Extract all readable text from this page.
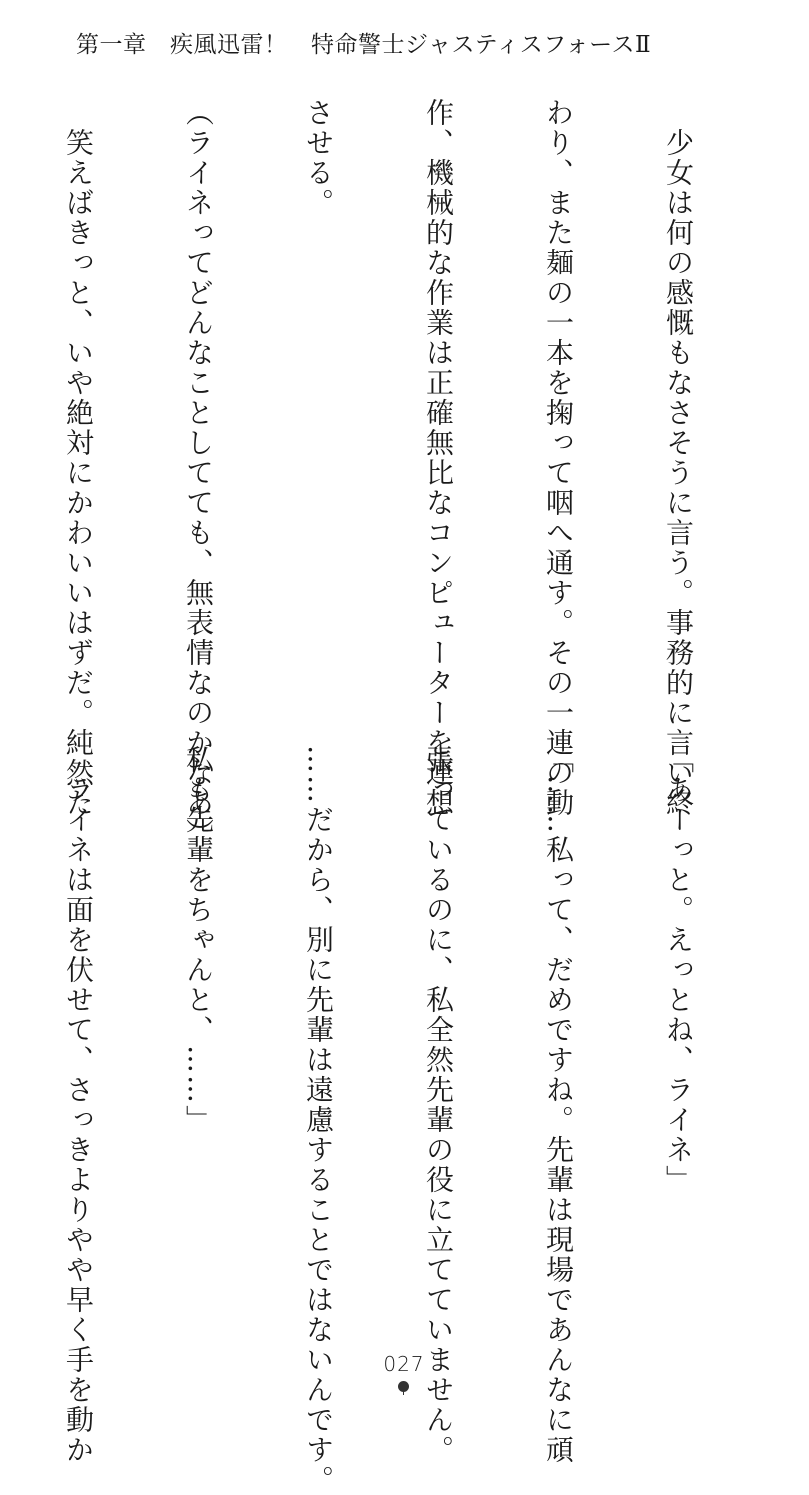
第一章　疾風迅雷！　特命警士ジャスティスフォースⅡ

　少女は何の感慨もなさそうに言う。事務的に言い終

わり、また麺の一本を掬って咽へ通す。その一連の動

作、機械的な作業は正確無比なコンピューターを連想

させる。

（ライネってどんなことしてても、無表情なのかなあ）

　笑えばきっと、いや絶対にかわいいはずだ。純然た

「あーっと。えっとね、ライネ」

「……私って、だめですね。先輩は現場であんなに頑

張っているのに、私全然先輩の役に立てていません。

……だから、別に先輩は遠慮することではないんです。

私も先輩をちゃんと、……」

　ライネは面を伏せて、さっきよりやや早く手を動か

	027
